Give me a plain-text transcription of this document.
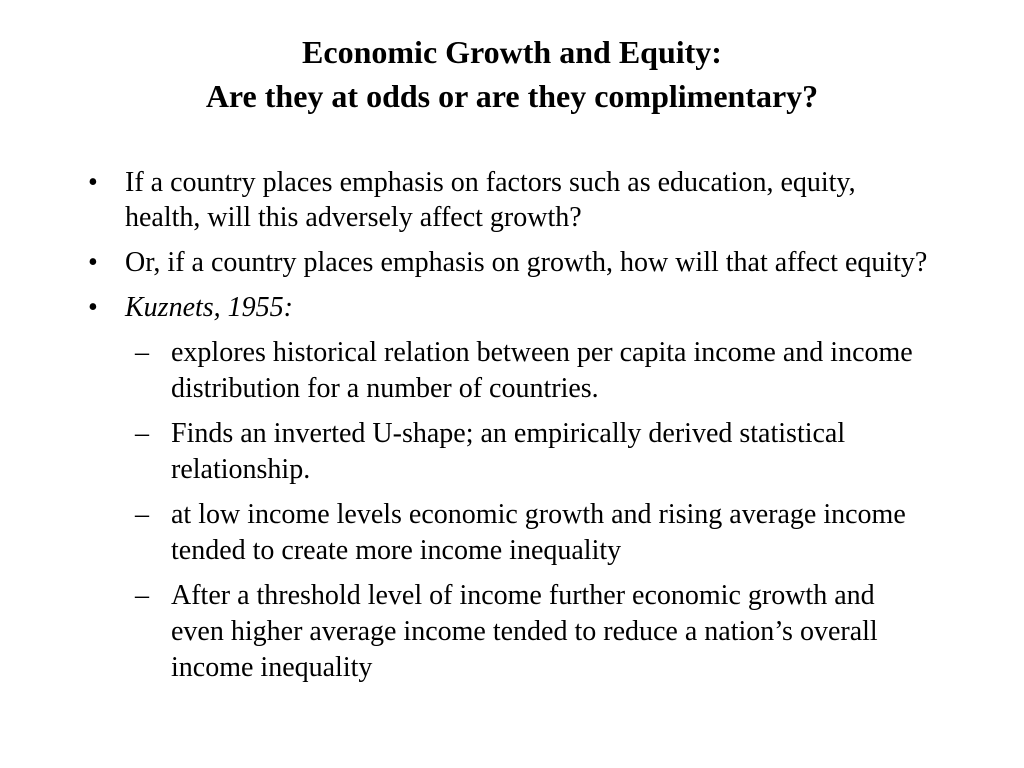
Economic Growth and Equity:
Are they at odds or are they complimentary?
• If a country places emphasis on factors such as education, equity, health, will this adversely affect growth?
• Or, if a country places emphasis on growth, how will that affect equity?
• Kuznets, 1955:
– explores historical relation between per capita income and income distribution for a number of countries.
– Finds an inverted U-shape; an empirically derived statistical relationship.
– at low income levels economic growth and rising average income tended to create more income inequality
– After a threshold level of income further economic growth and even higher average income tended to reduce a nation’s overall income inequality
